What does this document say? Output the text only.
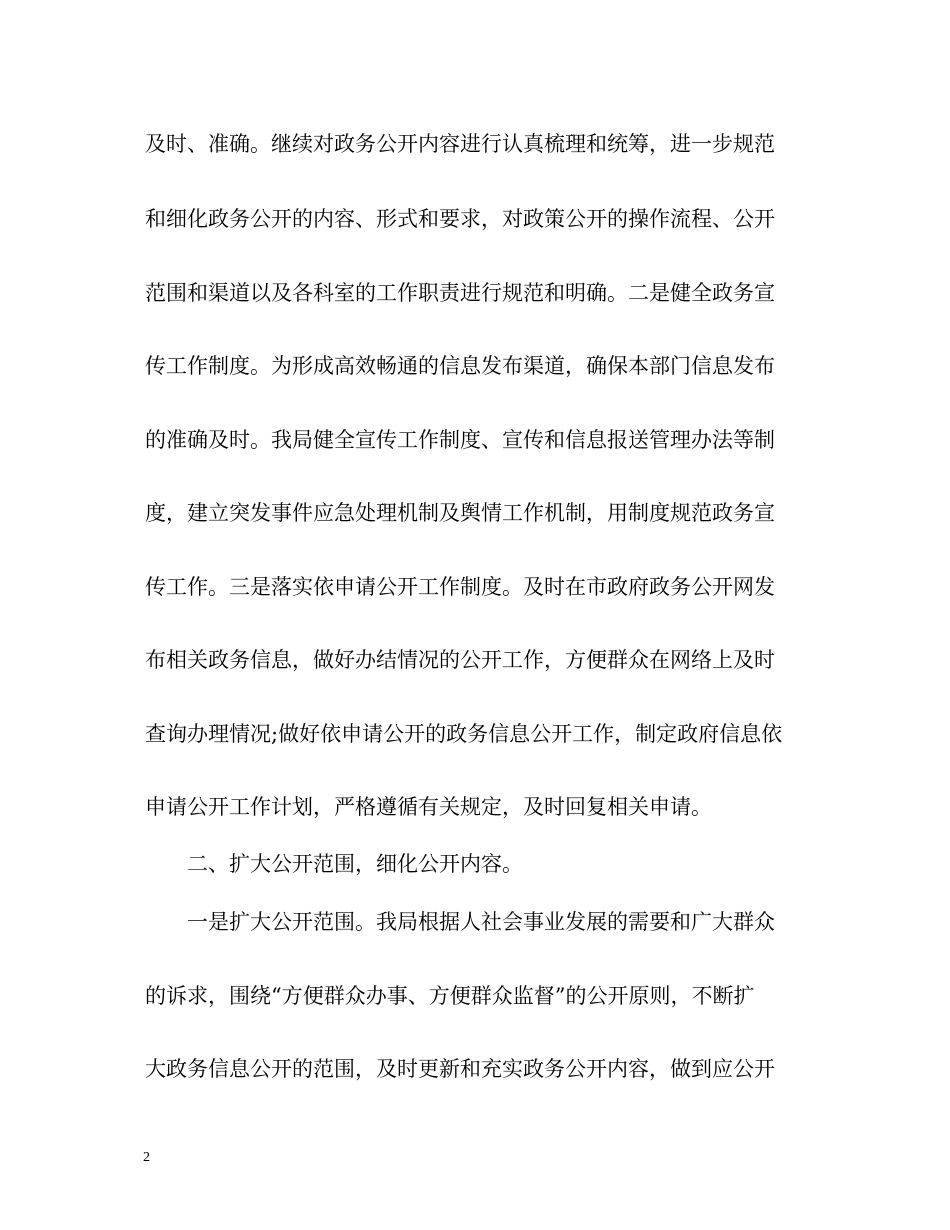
及时、准确。继续对政务公开内容进行认真梳理和统筹，进一步规范
和细化政务公开的内容、形式和要求，对政策公开的操作流程、公开
范围和渠道以及各科室的工作职责进行规范和明确。二是健全政务宣
传工作制度。为形成高效畅通的信息发布渠道，确保本部门信息发布
的准确及时。我局健全宣传工作制度、宣传和信息报送管理办法等制
度，建立突发事件应急处理机制及舆情工作机制，用制度规范政务宣
传工作。三是落实依申请公开工作制度。及时在市政府政务公开网发
布相关政务信息，做好办结情况的公开工作，方便群众在网络上及时
查询办理情况;做好依申请公开的政务信息公开工作，制定政府信息依
申请公开工作计划，严格遵循有关规定，及时回复相关申请。
二、扩大公开范围，细化公开内容。
一是扩大公开范围。我局根据人社会事业发展的需要和广大群众
的诉求，围绕“方便群众办事、方便群众监督”的公开原则，不断扩
大政务信息公开的范围，及时更新和充实政务公开内容，做到应公开
2
